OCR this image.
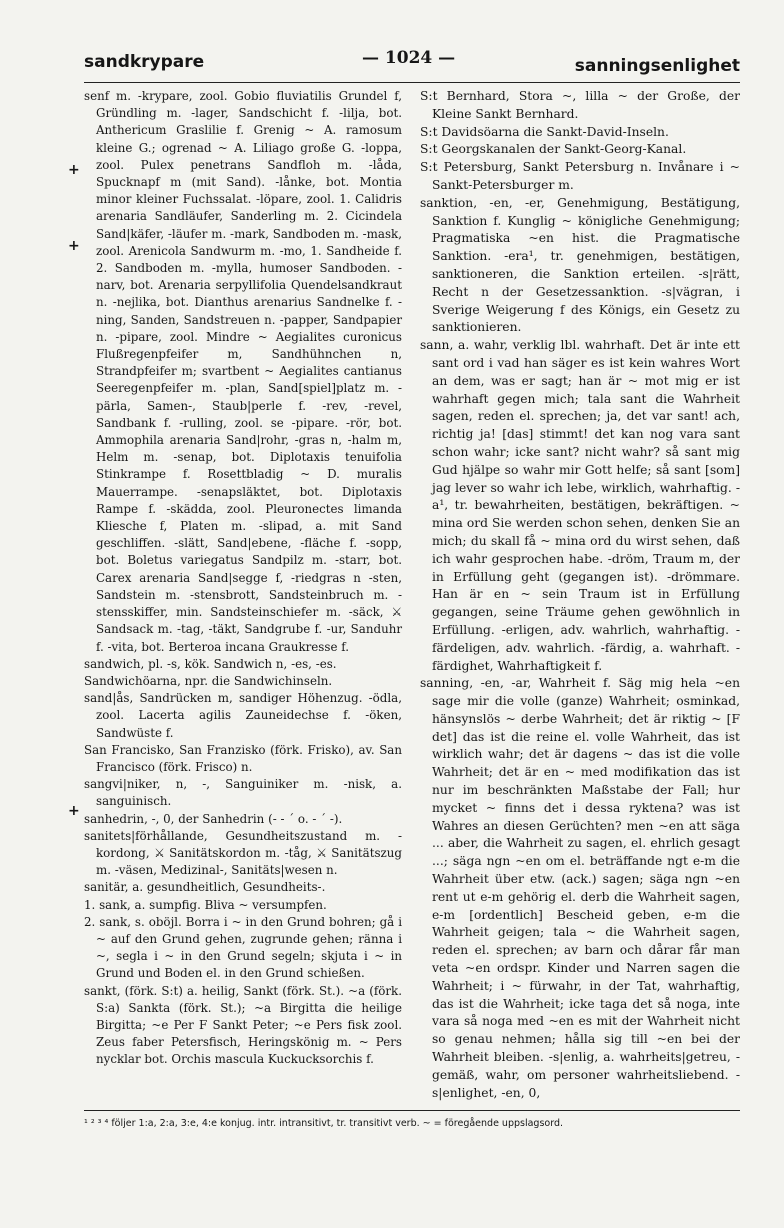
sandkrypare	— 1024 —	sanningsenlighet
+
+
+

senf m. -krypare, zool. Gobio fluviatilis Grundel f, Gründling m. -lager, Sandschicht f. -lilja, bot. Anthericum Graslilie f. Grenig ~ A. ramosum kleine G.; ogrenad ~ A. Liliago große G. -loppa, zool. Pulex penetrans Sandfloh m. -låda, Spucknapf m (mit Sand). -lånke, bot. Montia minor kleiner Fuchssalat. -löpare, zool. 1. Calidris arenaria Sandläufer, Sanderling m. 2. Cicindela Sand|käfer, -läufer m. -mark, Sandboden m. -mask, zool. Arenicola Sandwurm m. -mo, 1. Sandheide f. 2. Sandboden m. -mylla, humoser Sandboden. -narv, bot. Arenaria serpyllifolia Quendelsandkraut n. -nejlika, bot. Dianthus arenarius Sandnelke f. -ning, Sanden, Sandstreuen n. -papper, Sandpapier n. -pipare, zool. Mindre ~ Aegialites curonicus Flußregenpfeifer m, Sandhühnchen n, Strandpfeifer m; svartbent ~ Aegialites cantianus Seeregenpfeifer m. -plan, Sand[spiel]platz m. -pärla, Samen-, Staub|perle f. -rev, -revel, Sandbank f. -rulling, zool. se -pipare. -rör, bot. Ammophila arenaria Sand|rohr, -gras n, -halm m, Helm m. -senap, bot. Diplotaxis tenuifolia Stinkrampe f. Rosettbladig ~ D. muralis Mauerrampe. -senapsläktet, bot. Diplotaxis Rampe f. -skädda, zool. Pleuronectes limanda Kliesche f, Platen m. -slipad, a. mit Sand geschliffen. -slätt, Sand|ebene, -fläche f. -sopp, bot. Boletus variegatus Sandpilz m. -starr, bot. Carex arenaria Sand|segge f, -riedgras n -sten, Sandstein m. -stensbrott, Sandsteinbruch m. -stensskiffer, min. Sandsteinschiefer m. -säck, ⚔ Sandsack m. -tag, -täkt, Sandgrube f. -ur, Sanduhr f. -vita, bot. Berteroa incana Graukresse f.

sandwich, pl. -s, kök. Sandwich n, -es, -es.

Sandwichöarna, npr. die Sandwichinseln.

sand|ås, Sandrücken m, sandiger Höhenzug. -ödla, zool. Lacerta agilis Zauneidechse f. -öken, Sandwüste f.

San Francisko, San Franzisko (förk. Frisko), av. San Francisco (förk. Frisco) n.

sangvi|niker, n, -, Sanguiniker m. -nisk, a. sanguinisch.

sanhedrin, -, 0, der Sanhedrin (- - ´ o. - ´ -).

sanitets|förhållande, Gesundheitszustand m. -kordong, ⚔ Sanitätskordon m. -tåg, ⚔ Sanitätszug m. -väsen, Medizinal-, Sanitäts|wesen n.

sanitär, a. gesundheitlich, Gesundheits-.

1. sank, a. sumpfig. Bliva ~ versumpfen.

2. sank, s. oböjl. Borra i ~ in den Grund bohren; gå i ~ auf den Grund gehen, zugrunde gehen; ränna i ~, segla i ~ in den Grund segeln; skjuta i ~ in Grund und Boden el. in den Grund schießen.

sankt, (förk. S:t) a. heilig, Sankt (förk. St.). ~a (förk. S:a) Sankta (förk. St.); ~a Birgitta die heilige Birgitta; ~e Per F Sankt Peter; ~e Pers fisk zool. Zeus faber Petersfisch, Heringskönig m. ~ Pers nycklar bot. Orchis mascula Kuckucksorchis f.

S:t Bernhard, Stora ~, lilla ~ der Große, der Kleine Sankt Bernhard.

S:t Davidsöarna die Sankt-David-Inseln.

S:t Georgskanalen der Sankt-Georg-Kanal.

S:t Petersburg, Sankt Petersburg n. Invånare i ~ Sankt-Petersburger m.

sanktion, -en, -er, Genehmigung, Bestätigung, Sanktion f. Kunglig ~ königliche Genehmigung; Pragmatiska ~en hist. die Pragmatische Sanktion. -era¹, tr. genehmigen, bestätigen, sanktioneren, die Sanktion erteilen. -s|rätt, Recht n der Gesetzessanktion. -s|vägran, i Sverige Weigerung f des Königs, ein Gesetz zu sanktionieren.

sann, a. wahr, verklig lbl. wahrhaft. Det är inte ett sant ord i vad han säger es ist kein wahres Wort an dem, was er sagt; han är ~ mot mig er ist wahrhaft gegen mich; tala sant die Wahrheit sagen, reden el. sprechen; ja, det var sant! ach, richtig ja! [das] stimmt! det kan nog vara sant schon wahr; icke sant? nicht wahr? så sant mig Gud hjälpe so wahr mir Gott helfe; så sant [som] jag lever so wahr ich lebe, wirklich, wahrhaftig. -a¹, tr. bewahrheiten, bestätigen, bekräftigen. ~ mina ord Sie werden schon sehen, denken Sie an mich; du skall få ~ mina ord du wirst sehen, daß ich wahr gesprochen habe. -dröm, Traum m, der in Erfüllung geht (gegangen ist). -drömmare. Han är en ~ sein Traum ist in Erfüllung gegangen, seine Träume gehen gewöhnlich in Erfüllung. -erligen, adv. wahrlich, wahrhaftig. -färdeligen, adv. wahrlich. -färdig, a. wahrhaft. -färdighet, Wahrhaftigkeit f.

sanning, -en, -ar, Wahrheit f. Säg mig hela ~en sage mir die volle (ganze) Wahrheit; osminkad, hänsynslös ~ derbe Wahrheit; det är riktig ~ [F det] das ist die reine el. volle Wahrheit, das ist wirklich wahr; det är dagens ~ das ist die volle Wahrheit; det är en ~ med modifikation das ist nur im beschränkten Maßstabe der Fall; hur mycket ~ finns det i dessa ryktena? was ist Wahres an diesen Gerüchten? men ~en att säga ... aber, die Wahrheit zu sagen, el. ehrlich gesagt ...; säga ngn ~en om el. beträffande ngt e-m die Wahrheit über etw. (ack.) sagen; säga ngn ~en rent ut e-m gehörig el. derb die Wahrheit sagen, e-m [ordentlich] Bescheid geben, e-m die Wahrheit geigen; tala ~ die Wahrheit sagen, reden el. sprechen; av barn och dårar får man veta ~en ordspr. Kinder und Narren sagen die Wahrheit; i ~ fürwahr, in der Tat, wahrhaftig, das ist die Wahrheit; icke taga det så noga, inte vara så noga med ~en es mit der Wahrheit nicht so genau nehmen; hålla sig till ~en bei der Wahrheit bleiben. -s|enlig, a. wahrheits|getreu, -gemäß, wahr, om personer wahrheitsliebend. -s|enlighet, -en, 0,

¹ ² ³ ⁴ följer 1:a, 2:a, 3:e, 4:e konjug. intr. intransitivt, tr. transitivt verb. ~ = föregående uppslagsord.
